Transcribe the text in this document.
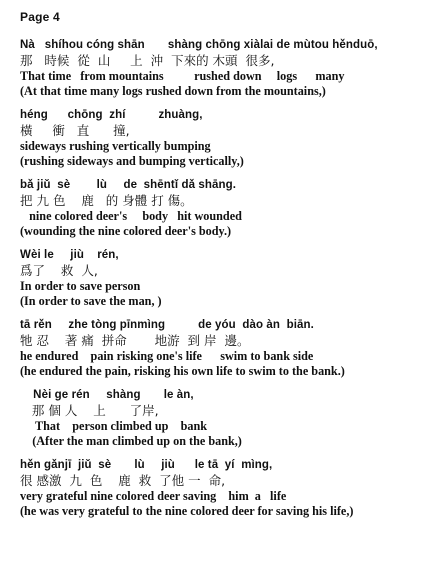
Page 4
Nà   shíhou cóng shān       shàng chōng xiàlai de mùtou hěnduō,
那   時候  從  山     上  沖  下來的 木頭  很多,
That time   from mountains          rushed down     logs      many
(At that time many logs rushed down from the mountains,)
héng      chōng  zhí          zhuàng,
橫     衝   直      撞,
sideways rushing vertically bumping
(rushing sideways and bumping vertically,)
bǎ jiǔ  sè        lù     de  shēntǐ dǎ shāng.
把 九 色    鹿   的 身體 打 傷。
nine colored deer's     body   hit wounded
(wounding the nine colored deer's body.)
Wèi le     jiù    rén,
爲了    救  人,
In order to save person
(In order to save the man, )
tā rěn     zhe tòng pīnmìng          de yóu  dào àn  biān.
牠 忍    著 痛  拼命       地游  到 岸  邊。
he endured    pain risking one's life      swim to bank side
(he endured the pain, risking his own life to swim to the bank.)
Nèi ge rén     shàng       le àn,
那 個 人    上      了岸,
That    person climbed up    bank
(After the man climbed up on the bank,)
hěn gǎnjī  jiǔ  sè       lù     jiù      le tā  yí  mìng,
很 感激  九  色    鹿  救  了他 一  命,
very grateful nine colored deer saving    him  a   life
(he was very grateful to the nine colored deer for saving his life,)
